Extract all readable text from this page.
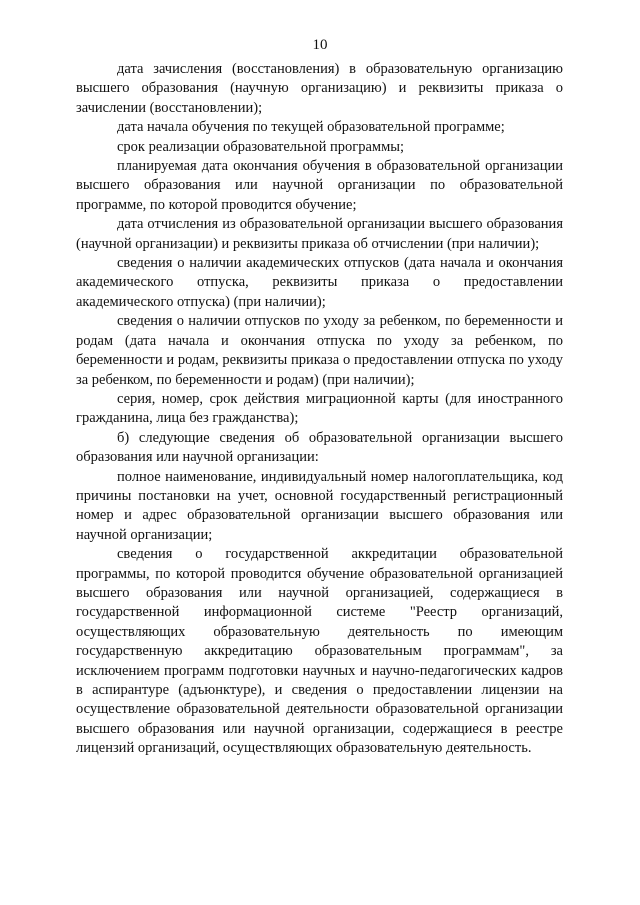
10

дата зачисления (восстановления) в образовательную организацию высшего образования (научную организацию) и реквизиты приказа о зачислении (восстановлении);

дата начала обучения по текущей образовательной программе;

срок реализации образовательной программы;

планируемая дата окончания обучения в образовательной организации высшего образования или научной организации по образовательной программе, по которой проводится обучение;

дата отчисления из образовательной организации высшего образования (научной организации) и реквизиты приказа об отчислении (при наличии);

сведения о наличии академических отпусков (дата начала и окончания академического отпуска, реквизиты приказа о предоставлении академического отпуска) (при наличии);

сведения о наличии отпусков по уходу за ребенком, по беременности и родам (дата начала и окончания отпуска по уходу за ребенком, по беременности и родам, реквизиты приказа о предоставлении отпуска по уходу за ребенком, по беременности и родам) (при наличии);

серия, номер, срок действия миграционной карты (для иностранного гражданина, лица без гражданства);

б) следующие сведения об образовательной организации высшего образования или научной организации:

полное наименование, индивидуальный номер налогоплательщика, код причины постановки на учет, основной государственный регистрационный номер и адрес образовательной организации высшего образования или научной организации;

сведения о государственной аккредитации образовательной программы, по которой проводится обучение образовательной организацией высшего образования или научной организацией, содержащиеся в государственной информационной системе "Реестр организаций, осуществляющих образовательную деятельность по имеющим государственную аккредитацию образовательным программам", за исключением программ подготовки научных и научно-педагогических кадров в аспирантуре (адъюнктуре), и сведения о предоставлении лицензии на осуществление образовательной деятельности образовательной организации высшего образования или научной организации, содержащиеся в реестре лицензий организаций, осуществляющих образовательную деятельность.
